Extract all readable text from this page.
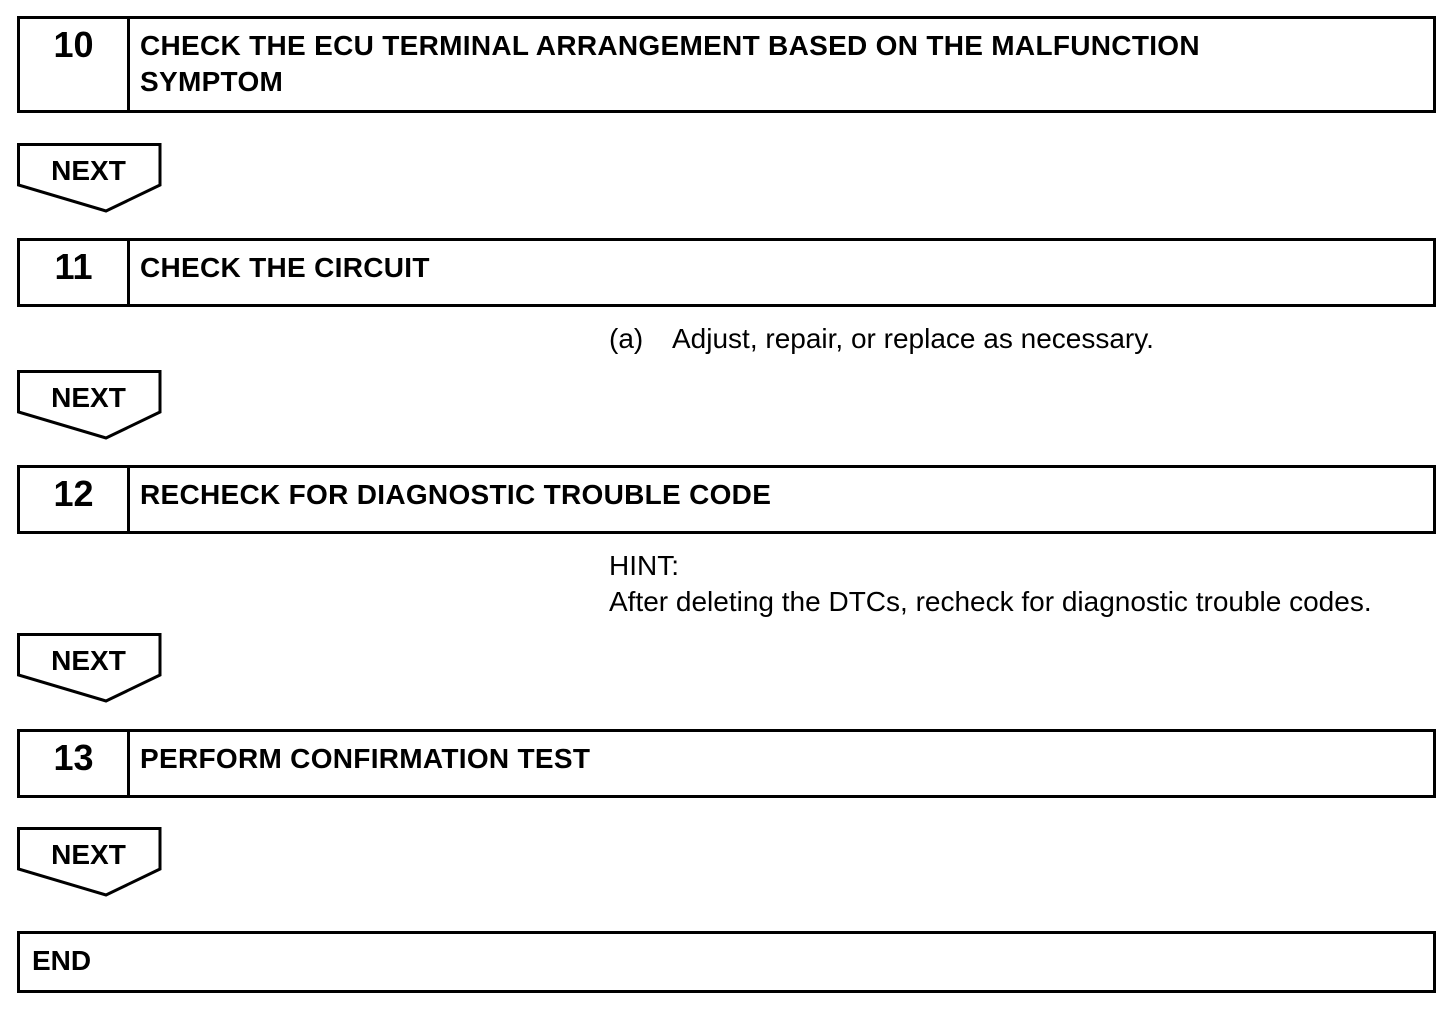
10	CHECK THE ECU TERMINAL ARRANGEMENT BASED ON THE MALFUNCTION SYMPTOM
NEXT
11	CHECK THE CIRCUIT
(a) Adjust, repair, or replace as necessary.
NEXT
12	RECHECK FOR DIAGNOSTIC TROUBLE CODE
HINT:
After deleting the DTCs, recheck for diagnostic trouble codes.
NEXT
13	PERFORM CONFIRMATION TEST
NEXT
END
